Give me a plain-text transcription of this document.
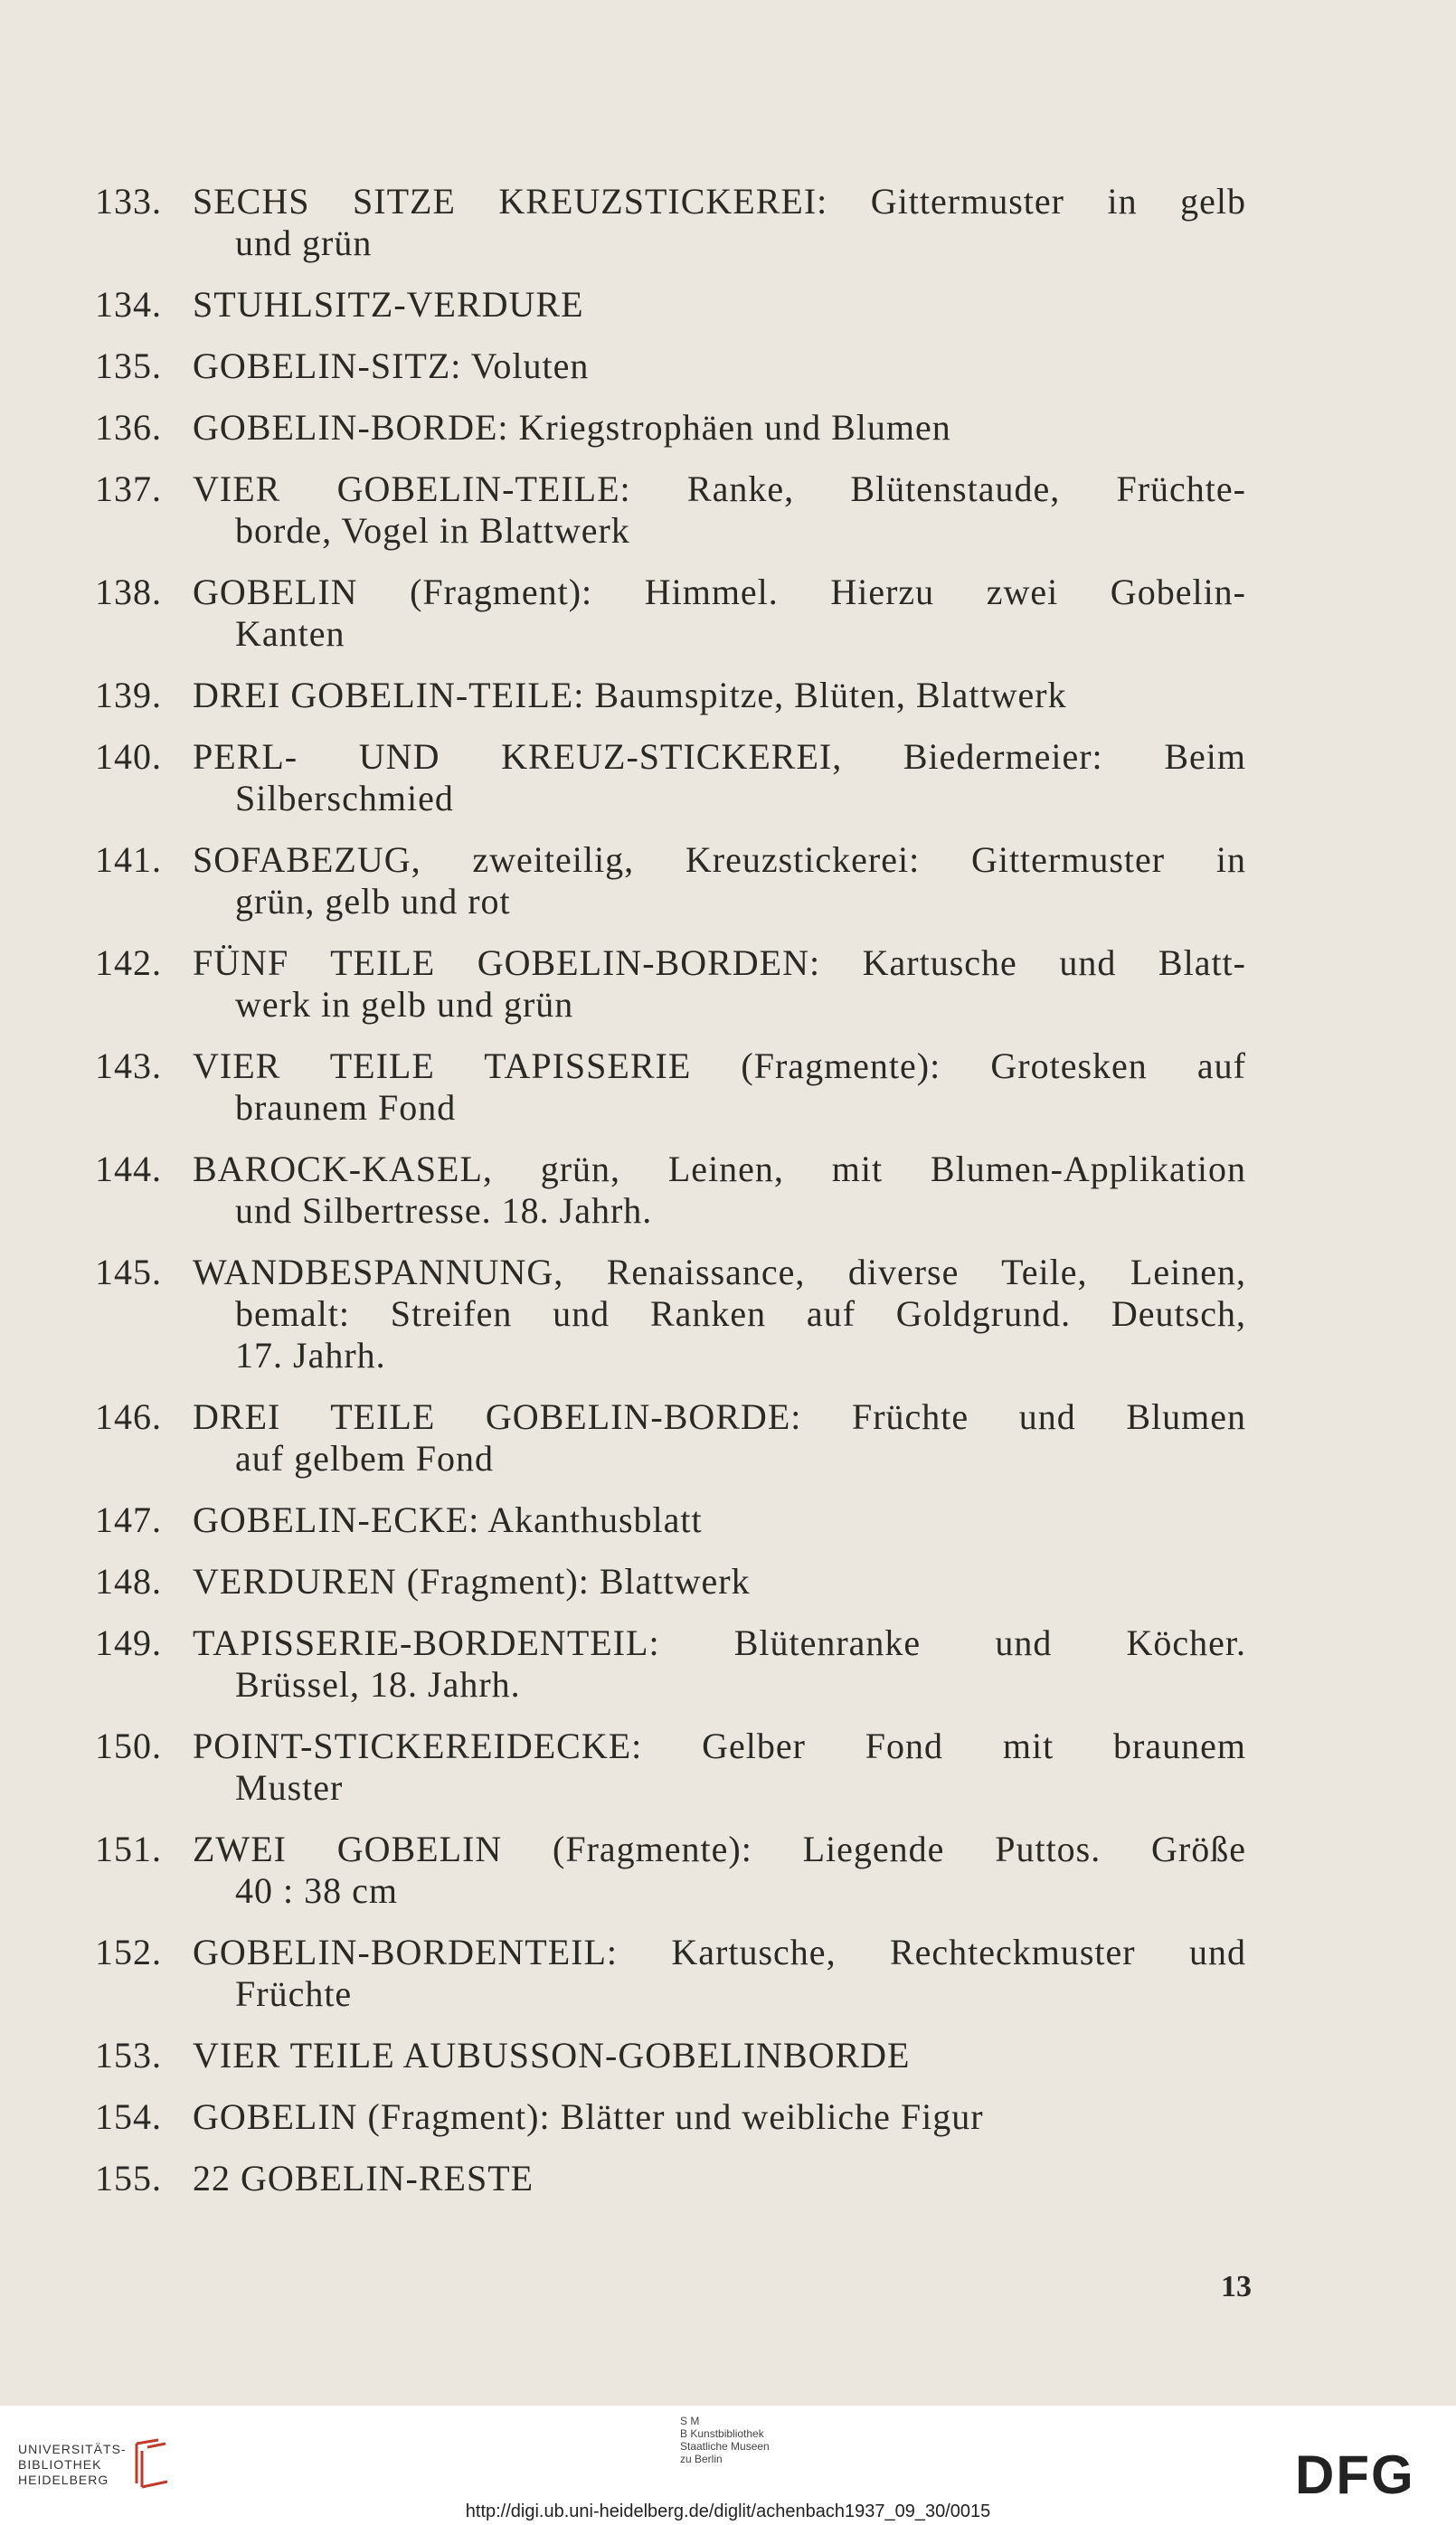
133. SECHS SITZE KREUZSTICKEREI: Gittermuster in gelb
und grün
134. STUHLSITZ-VERDURE
135. GOBELIN-SITZ: Voluten
136. GOBELIN-BORDE: Kriegstrophäen und Blumen
137. VIER GOBELIN-TEILE: Ranke, Blütenstaude, Früchte-
borde, Vogel in Blattwerk
138. GOBELIN (Fragment): Himmel. Hierzu zwei Gobelin-
Kanten
139. DREI GOBELIN-TEILE: Baumspitze, Blüten, Blattwerk
140. PERL- UND KREUZ-STICKEREI, Biedermeier: Beim
Silberschmied
141. SOFABEZUG, zweiteilig, Kreuzstickerei: Gittermuster in
grün, gelb und rot
142. FÜNF TEILE GOBELIN-BORDEN: Kartusche und Blatt-
werk in gelb und grün
143. VIER TEILE TAPISSERIE (Fragmente): Grotesken auf
braunem Fond
144. BAROCK-KASEL, grün, Leinen, mit Blumen-Applikation
und Silbertresse. 18. Jahrh.
145. WANDBESPANNUNG, Renaissance, diverse Teile, Leinen,
bemalt: Streifen und Ranken auf Goldgrund. Deutsch,
17. Jahrh.
146. DREI TEILE GOBELIN-BORDE: Früchte und Blumen
auf gelbem Fond
147. GOBELIN-ECKE: Akanthusblatt
148. VERDUREN (Fragment): Blattwerk
149. TAPISSERIE-BORDENTEIL: Blütenranke und Köcher.
Brüssel, 18. Jahrh.
150. POINT-STICKEREIDECKE: Gelber Fond mit braunem
Muster
151. ZWEI GOBELIN (Fragmente): Liegende Puttos. Größe
40 : 38 cm
152. GOBELIN-BORDENTEIL: Kartusche, Rechteckmuster und
Früchte
153. VIER TEILE AUBUSSON-GOBELINBORDE
154. GOBELIN (Fragment): Blätter und weibliche Figur
155. 22 GOBELIN-RESTE
13
UNIVERSITÄTS-
BIBLIOTHEK
HEIDELBERG
S M
B Kunstbibliothek
Staatliche Museen
zu Berlin	DFG
http://digi.ub.uni-heidelberg.de/diglit/achenbach1937_09_30/0015
